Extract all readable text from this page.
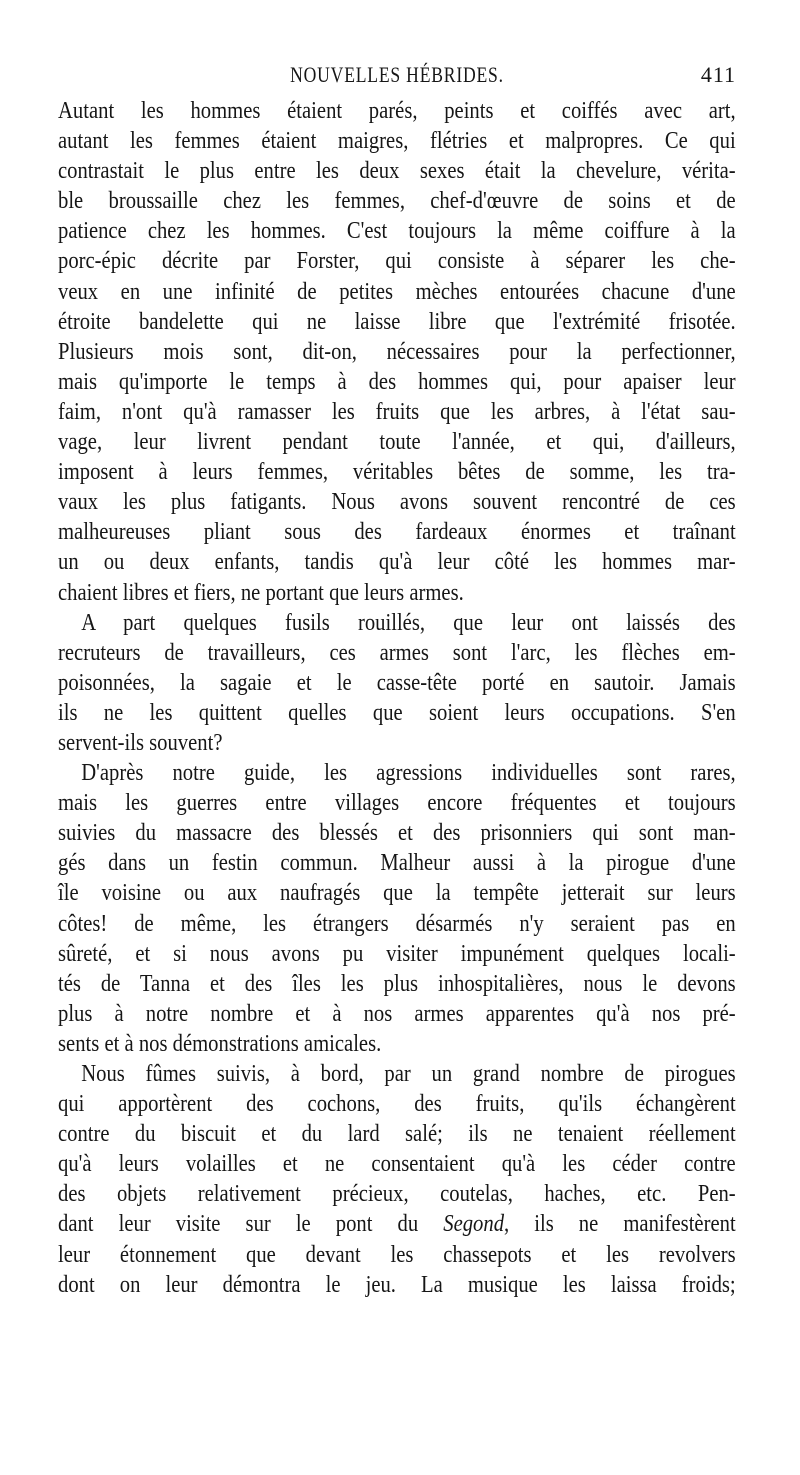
NOUVELLES HÉBRIDES.	411
Autant les hommes étaient parés, peints et coiffés avec art,
autant les femmes étaient maigres, flétries et malpropres. Ce qui
contrastait le plus entre les deux sexes était la chevelure, vérita-
ble broussaille chez les femmes, chef-d'œuvre de soins et de
patience chez les hommes. C'est toujours la même coiffure à la
porc-épic décrite par Forster, qui consiste à séparer les che-
veux en une infinité de petites mèches entourées chacune d'une
étroite bandelette qui ne laisse libre que l'extrémité frisotée.
Plusieurs mois sont, dit-on, nécessaires pour la perfectionner,
mais qu'importe le temps à des hommes qui, pour apaiser leur
faim, n'ont qu'à ramasser les fruits que les arbres, à l'état sau-
vage, leur livrent pendant toute l'année, et qui, d'ailleurs,
imposent à leurs femmes, véritables bêtes de somme, les tra-
vaux les plus fatigants. Nous avons souvent rencontré de ces
malheureuses pliant sous des fardeaux énormes et traînant
un ou deux enfants, tandis qu'à leur côté les hommes mar-
chaient libres et fiers, ne portant que leurs armes.
A part quelques fusils rouillés, que leur ont laissés des
recruteurs de travailleurs, ces armes sont l'arc, les flèches em-
poisonnées, la sagaie et le casse-tête porté en sautoir. Jamais
ils ne les quittent quelles que soient leurs occupations. S'en
servent-ils souvent?
D'après notre guide, les agressions individuelles sont rares,
mais les guerres entre villages encore fréquentes et toujours
suivies du massacre des blessés et des prisonniers qui sont man-
gés dans un festin commun. Malheur aussi à la pirogue d'une
île voisine ou aux naufragés que la tempête jetterait sur leurs
côtes! de même, les étrangers désarmés n'y seraient pas en
sûreté, et si nous avons pu visiter impunément quelques locali-
tés de Tanna et des îles les plus inhospitalières, nous le devons
plus à notre nombre et à nos armes apparentes qu'à nos pré-
sents et à nos démonstrations amicales.
Nous fûmes suivis, à bord, par un grand nombre de pirogues
qui apportèrent des cochons, des fruits, qu'ils échangèrent
contre du biscuit et du lard salé; ils ne tenaient réellement
qu'à leurs volailles et ne consentaient qu'à les céder contre
des objets relativement précieux, coutelas, haches, etc. Pen-
dant leur visite sur le pont du Segond, ils ne manifestèrent
leur étonnement que devant les chassepots et les revolvers
dont on leur démontra le jeu. La musique les laissa froids;
